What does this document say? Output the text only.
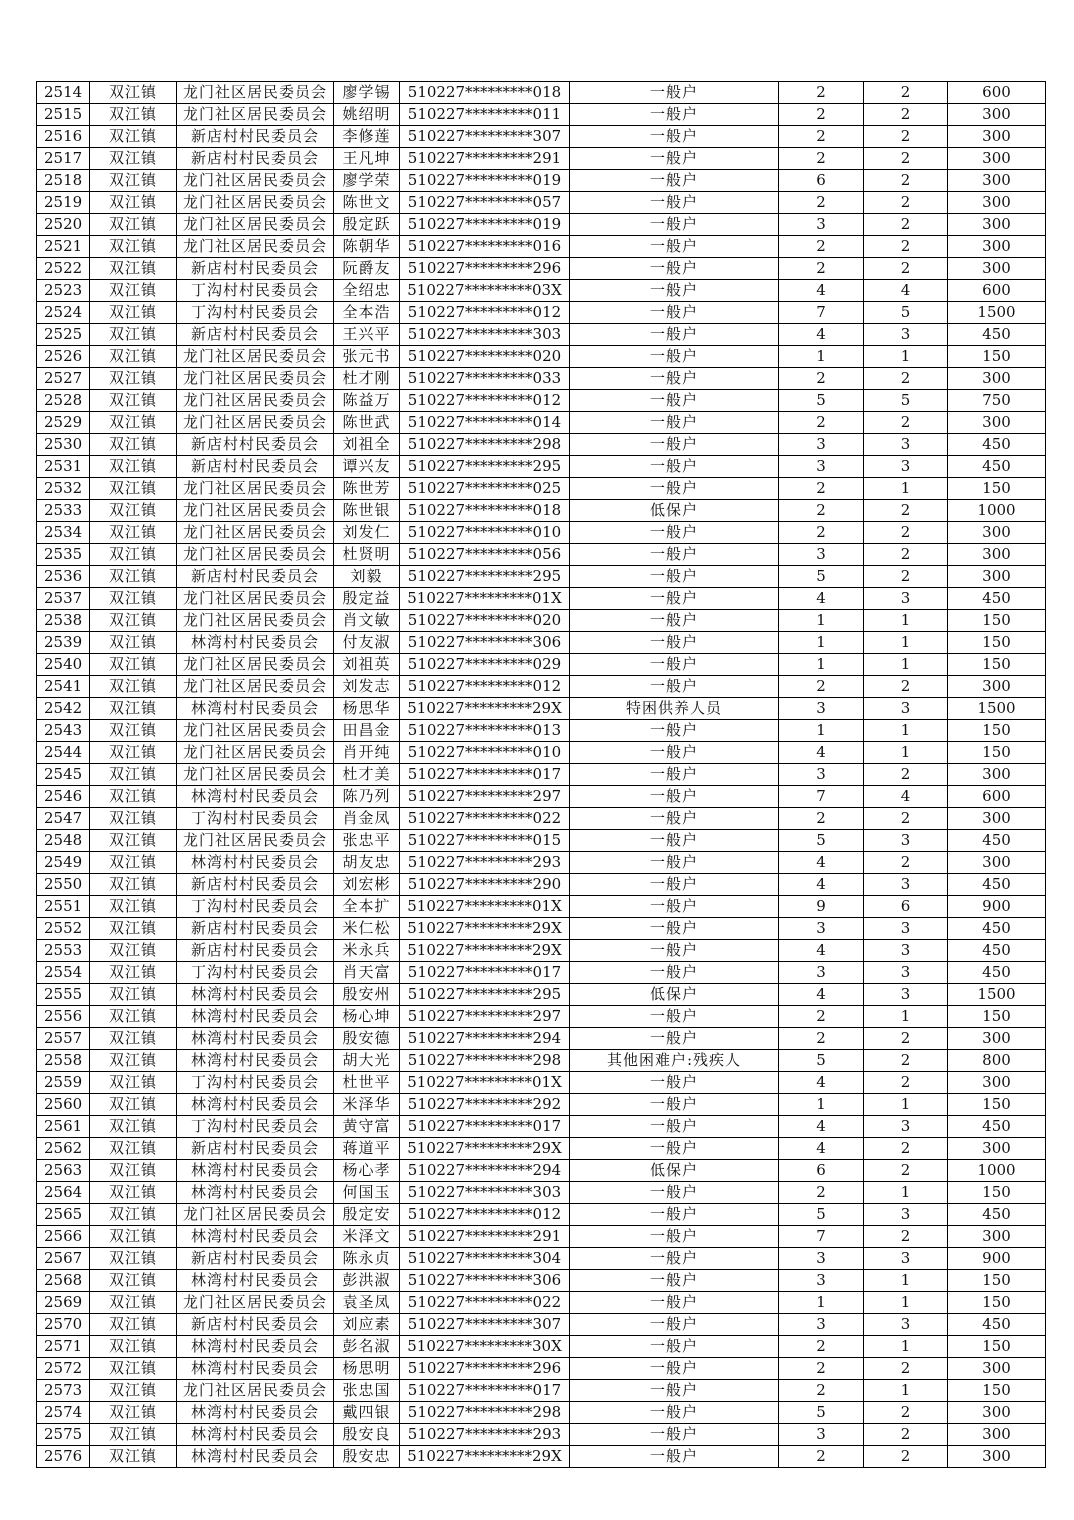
2514	双江镇	龙门社区居民委员会	廖学锡	510227*********018	一般户	2	2	600
2515	双江镇	龙门社区居民委员会	姚绍明	510227*********011	一般户	2	2	300
2516	双江镇	新店村村民委员会	李修莲	510227*********307	一般户	2	2	300
2517	双江镇	新店村村民委员会	王凡坤	510227*********291	一般户	2	2	300
2518	双江镇	龙门社区居民委员会	廖学荣	510227*********019	一般户	6	2	300
2519	双江镇	龙门社区居民委员会	陈世文	510227*********057	一般户	2	2	300
2520	双江镇	龙门社区居民委员会	殷定跃	510227*********019	一般户	3	2	300
2521	双江镇	龙门社区居民委员会	陈朝华	510227*********016	一般户	2	2	300
2522	双江镇	新店村村民委员会	阮爵友	510227*********296	一般户	2	2	300
2523	双江镇	丁沟村村民委员会	全绍忠	510227*********03X	一般户	4	4	600
2524	双江镇	丁沟村村民委员会	全本浩	510227*********012	一般户	7	5	1500
2525	双江镇	新店村村民委员会	王兴平	510227*********303	一般户	4	3	450
2526	双江镇	龙门社区居民委员会	张元书	510227*********020	一般户	1	1	150
2527	双江镇	龙门社区居民委员会	杜才刚	510227*********033	一般户	2	2	300
2528	双江镇	龙门社区居民委员会	陈益万	510227*********012	一般户	5	5	750
2529	双江镇	龙门社区居民委员会	陈世武	510227*********014	一般户	2	2	300
2530	双江镇	新店村村民委员会	刘祖全	510227*********298	一般户	3	3	450
2531	双江镇	新店村村民委员会	谭兴友	510227*********295	一般户	3	3	450
2532	双江镇	龙门社区居民委员会	陈世芳	510227*********025	一般户	2	1	150
2533	双江镇	龙门社区居民委员会	陈世银	510227*********018	低保户	2	2	1000
2534	双江镇	龙门社区居民委员会	刘发仁	510227*********010	一般户	2	2	300
2535	双江镇	龙门社区居民委员会	杜贤明	510227*********056	一般户	3	2	300
2536	双江镇	新店村村民委员会	刘毅	510227*********295	一般户	5	2	300
2537	双江镇	龙门社区居民委员会	殷定益	510227*********01X	一般户	4	3	450
2538	双江镇	龙门社区居民委员会	肖文敏	510227*********020	一般户	1	1	150
2539	双江镇	林湾村村民委员会	付友淑	510227*********306	一般户	1	1	150
2540	双江镇	龙门社区居民委员会	刘祖英	510227*********029	一般户	1	1	150
2541	双江镇	龙门社区居民委员会	刘发志	510227*********012	一般户	2	2	300
2542	双江镇	林湾村村民委员会	杨思华	510227*********29X	特困供养人员	3	3	1500
2543	双江镇	龙门社区居民委员会	田昌金	510227*********013	一般户	1	1	150
2544	双江镇	龙门社区居民委员会	肖开纯	510227*********010	一般户	4	1	150
2545	双江镇	龙门社区居民委员会	杜才美	510227*********017	一般户	3	2	300
2546	双江镇	林湾村村民委员会	陈乃列	510227*********297	一般户	7	4	600
2547	双江镇	丁沟村村民委员会	肖金凤	510227*********022	一般户	2	2	300
2548	双江镇	龙门社区居民委员会	张忠平	510227*********015	一般户	5	3	450
2549	双江镇	林湾村村民委员会	胡友忠	510227*********293	一般户	4	2	300
2550	双江镇	新店村村民委员会	刘宏彬	510227*********290	一般户	4	3	450
2551	双江镇	丁沟村村民委员会	全本扩	510227*********01X	一般户	9	6	900
2552	双江镇	新店村村民委员会	米仁松	510227*********29X	一般户	3	3	450
2553	双江镇	新店村村民委员会	米永兵	510227*********29X	一般户	4	3	450
2554	双江镇	丁沟村村民委员会	肖天富	510227*********017	一般户	3	3	450
2555	双江镇	林湾村村民委员会	殷安州	510227*********295	低保户	4	3	1500
2556	双江镇	林湾村村民委员会	杨心坤	510227*********297	一般户	2	1	150
2557	双江镇	林湾村村民委员会	殷安德	510227*********294	一般户	2	2	300
2558	双江镇	林湾村村民委员会	胡大光	510227*********298	其他困难户:残疾人	5	2	800
2559	双江镇	丁沟村村民委员会	杜世平	510227*********01X	一般户	4	2	300
2560	双江镇	林湾村村民委员会	米泽华	510227*********292	一般户	1	1	150
2561	双江镇	丁沟村村民委员会	黄守富	510227*********017	一般户	4	3	450
2562	双江镇	新店村村民委员会	蒋道平	510227*********29X	一般户	4	2	300
2563	双江镇	林湾村村民委员会	杨心孝	510227*********294	低保户	6	2	1000
2564	双江镇	林湾村村民委员会	何国玉	510227*********303	一般户	2	1	150
2565	双江镇	龙门社区居民委员会	殷定安	510227*********012	一般户	5	3	450
2566	双江镇	林湾村村民委员会	米泽文	510227*********291	一般户	7	2	300
2567	双江镇	新店村村民委员会	陈永贞	510227*********304	一般户	3	3	900
2568	双江镇	林湾村村民委员会	彭洪淑	510227*********306	一般户	3	1	150
2569	双江镇	龙门社区居民委员会	袁圣凤	510227*********022	一般户	1	1	150
2570	双江镇	新店村村民委员会	刘应素	510227*********307	一般户	3	3	450
2571	双江镇	林湾村村民委员会	彭名淑	510227*********30X	一般户	2	1	150
2572	双江镇	林湾村村民委员会	杨思明	510227*********296	一般户	2	2	300
2573	双江镇	龙门社区居民委员会	张忠国	510227*********017	一般户	2	1	150
2574	双江镇	林湾村村民委员会	戴四银	510227*********298	一般户	5	2	300
2575	双江镇	林湾村村民委员会	殷安良	510227*********293	一般户	3	2	300
2576	双江镇	林湾村村民委员会	殷安忠	510227*********29X	一般户	2	2	300
